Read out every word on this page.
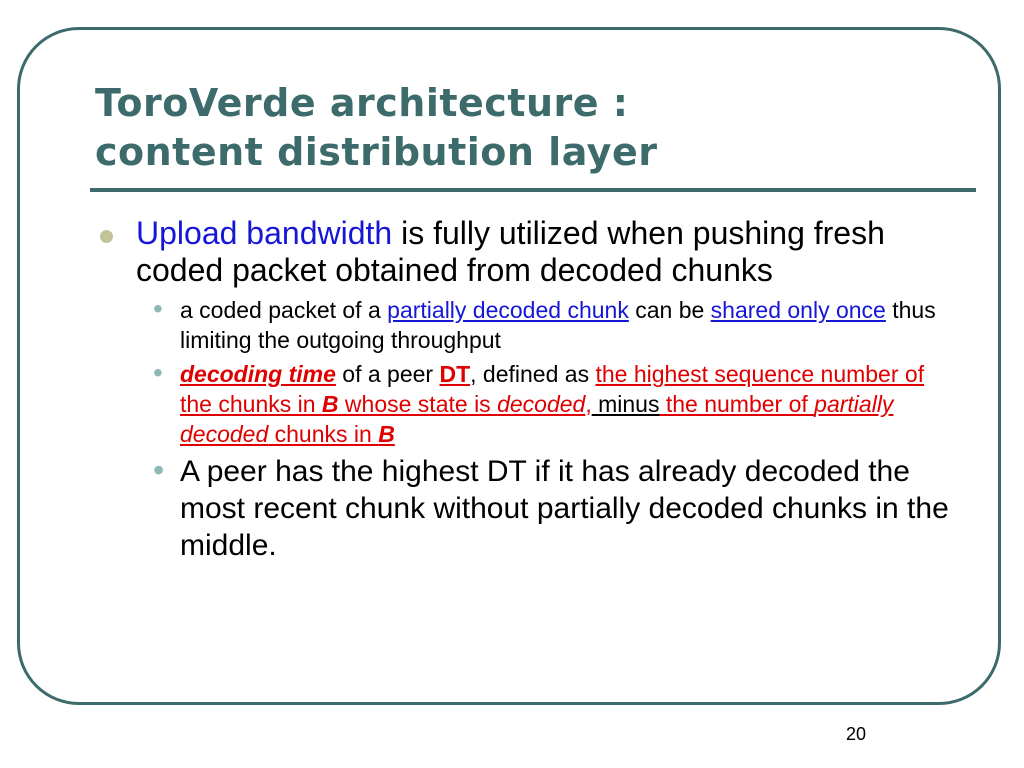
ToroVerde architecture :
content distribution layer

Upload bandwidth is fully utilized when pushing fresh coded packet obtained from decoded chunks

• a coded packet of a partially decoded chunk can be shared only once thus limiting the outgoing throughput

• decoding time of a peer DT, defined as the highest sequence number of the chunks in B whose state is decoded, minus the number of partially decoded chunks in B

• A peer has the highest DT if it has already decoded the most recent chunk without partially decoded chunks in the middle.

20
